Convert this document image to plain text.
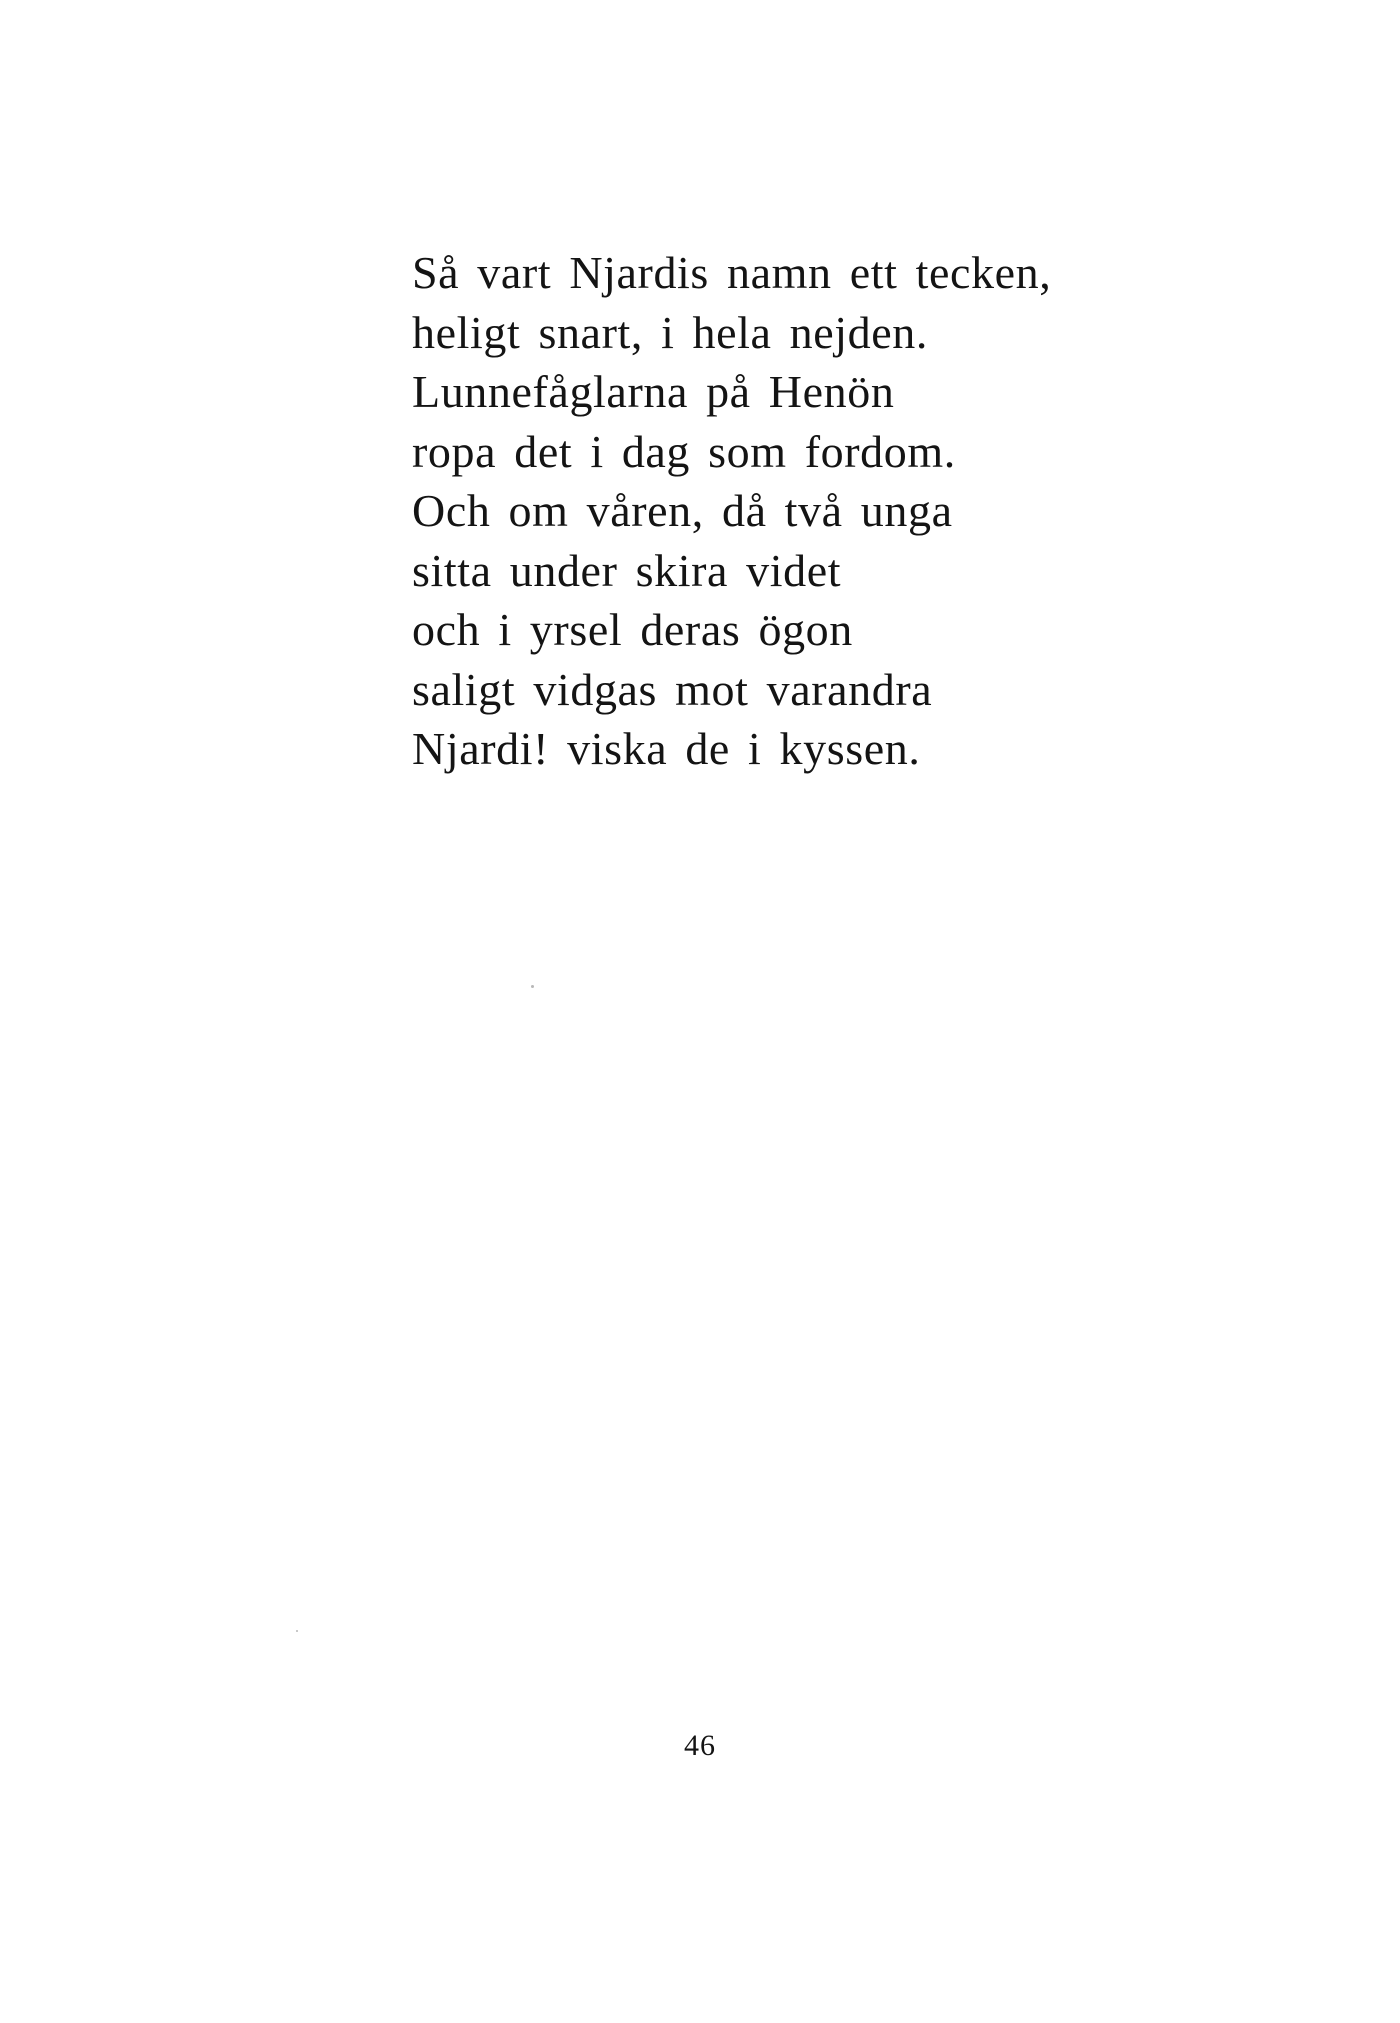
Så vart Njardis namn ett tecken,
heligt snart, i hela nejden.
Lunnefåglarna på Henön
ropa det i dag som fordom.
Och om våren, då två unga
sitta under skira videt
och i yrsel deras ögon
saligt vidgas mot varandra
Njardi! viska de i kyssen.
46
